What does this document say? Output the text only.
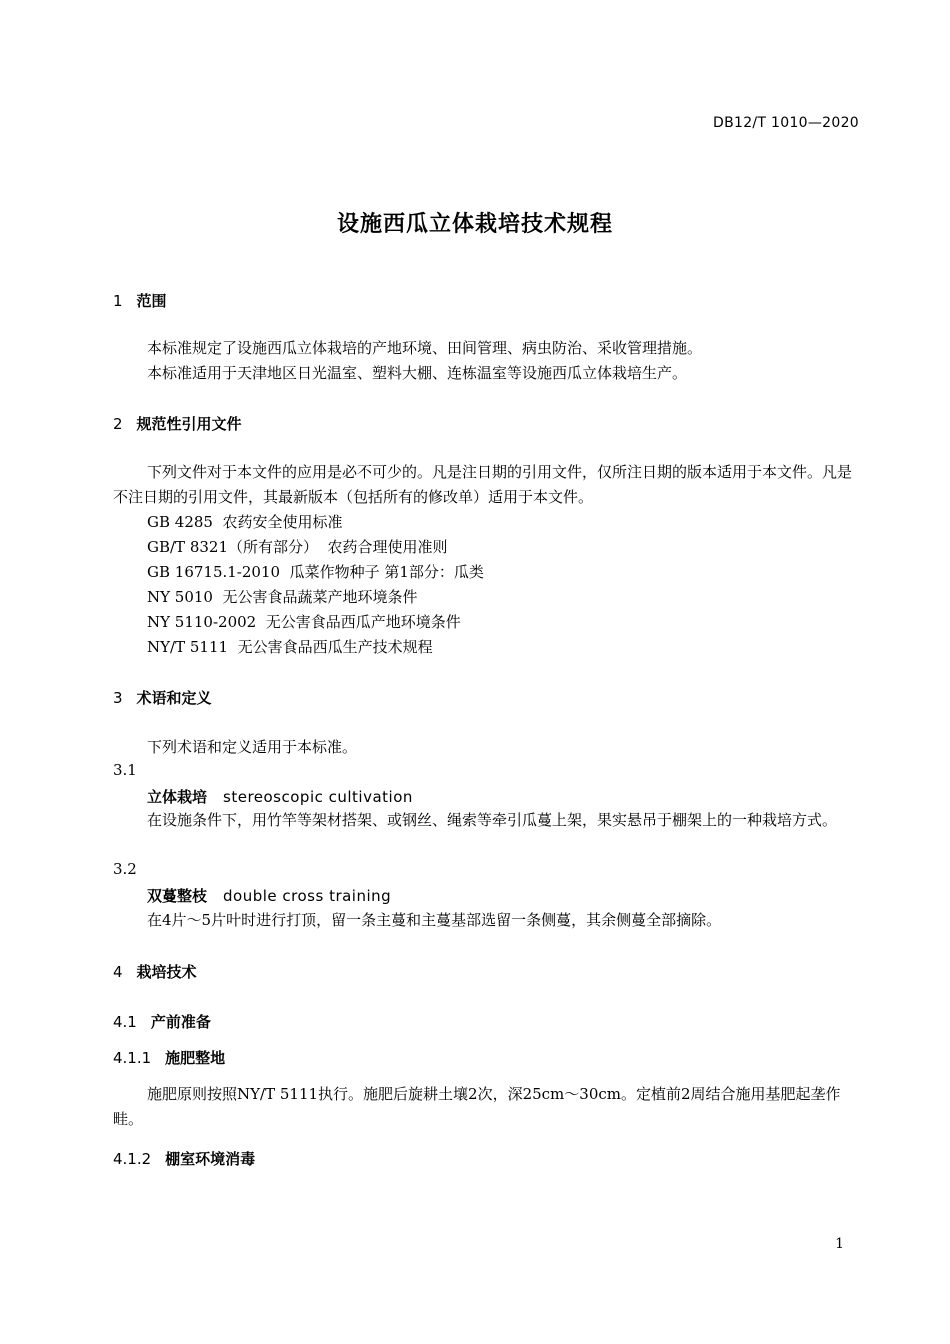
DB12/T 1010—2020
设施西瓜立体栽培技术规程
1 范围
本标准规定了设施西瓜立体栽培的产地环境、田间管理、病虫防治、采收管理措施。
本标准适用于天津地区日光温室、塑料大棚、连栋温室等设施西瓜立体栽培生产。
2 规范性引用文件
下列文件对于本文件的应用是必不可少的。凡是注日期的引用文件，仅所注日期的版本适用于本文件。凡是不注日期的引用文件，其最新版本（包括所有的修改单）适用于本文件。
GB 4285  农药安全使用标准
GB/T 8321（所有部分）  农药合理使用准则
GB 16715.1-2010  瓜菜作物种子 第1部分：瓜类
NY 5010  无公害食品蔬菜产地环境条件
NY 5110-2002  无公害食品西瓜产地环境条件
NY/T 5111  无公害食品西瓜生产技术规程
3 术语和定义
下列术语和定义适用于本标准。
3.1
立体栽培 stereoscopic cultivation
在设施条件下，用竹竿等架材搭架、或钢丝、绳索等牵引瓜蔓上架，果实悬吊于棚架上的一种栽培方式。
3.2
双蔓整枝 double cross training
在4片～5片叶时进行打顶，留一条主蔓和主蔓基部选留一条侧蔓，其余侧蔓全部摘除。
4 栽培技术
4.1 产前准备
4.1.1 施肥整地
施肥原则按照NY/T 5111执行。施肥后旋耕土壤2次，深25cm～30cm。定植前2周结合施用基肥起垄作畦。
4.1.2 棚室环境消毒
1
